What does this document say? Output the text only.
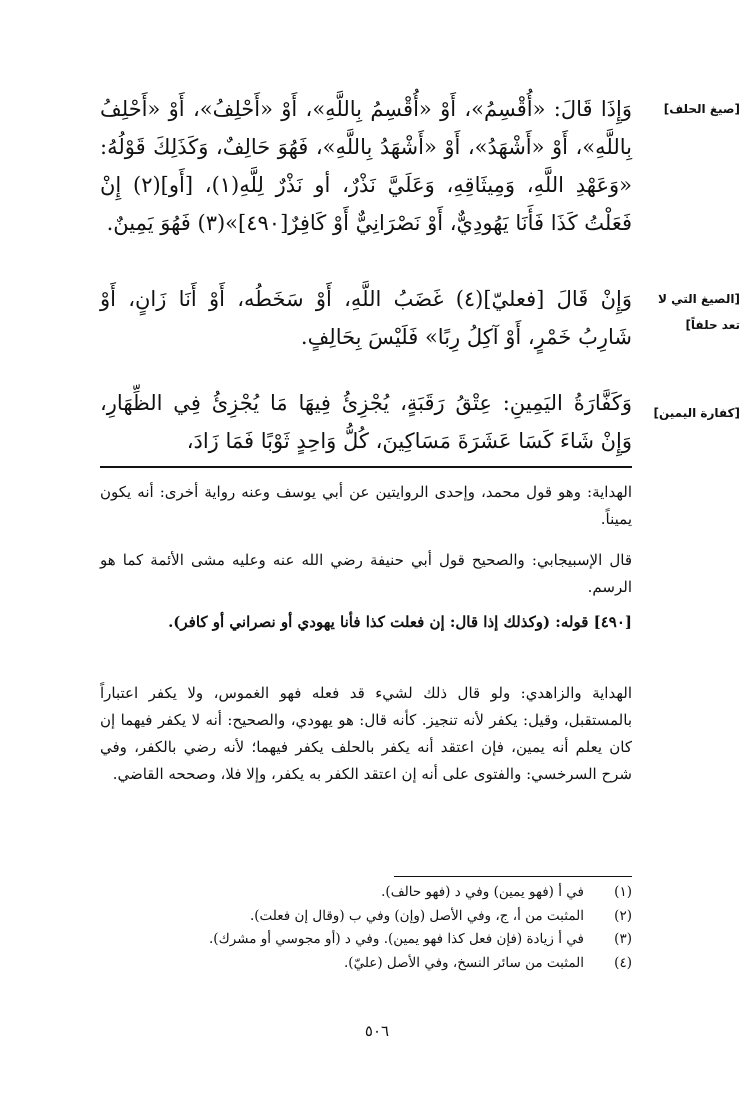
[صيغ الحلف]
[الصيغ التي لا تعد حلفاً]
[كفارة اليمين]
وَإِذَا قَالَ: «أُقْسِمُ»، أَوْ «أُقْسِمُ بِاللَّهِ»، أَوْ «أَحْلِفُ»، أَوْ «أَحْلِفُ بِاللَّهِ»، أَوْ «أَشْهَدُ»، أَوْ «أَشْهَدُ بِاللَّهِ»، فَهُوَ حَالِفٌ، وَكَذَلِكَ قَوْلُهُ: «وَعَهْدِ اللَّهِ، وَمِيثَاقِهِ، وَعَلَيَّ نَذْرٌ، أو نَذْرٌ لِلَّهِ(١)، [أَو](٢) إِنْ فَعَلْتُ كَذَا فَأَنَا يَهُودِيٌّ، أَوْ نَصْرَانِيٌّ أَوْ كَافِرٌ[٤٩٠]»(٣) فَهُوَ يَمِينٌ.
وَإِنْ قَالَ [فعليّ](٤) غَضَبُ اللَّهِ، أَوْ سَخَطُه، أَوْ أَنَا زَانٍ، أَوْ شَارِبُ خَمْرٍ، أَوْ آكِلُ رِبًا» فَلَيْسَ بِحَالِفٍ.
وَكَفَّارَةُ اليَمِينِ: عِتْقُ رَقَبَةٍ، يُجْزِئُ فِيهَا مَا يُجْزِئُ فِي الظِّهَارِ، وَإِنْ شَاءَ كَسَا عَشَرَةَ مَسَاكِينَ، كُلُّ وَاحِدٍ ثَوْبًا فَمَا زَادَ،
الهداية: وهو قول محمد، وإحدى الروايتين عن أبي يوسف وعنه رواية أخرى: أنه يكون يميناً.
قال الإسبيجابي: والصحيح قول أبي حنيفة رضي الله عنه وعليه مشى الأئمة كما هو الرسم.
[٤٩٠] قوله: (وكذلك إذا قال: إن فعلت كذا فأنا يهودي أو نصراني أو كافر).
الهداية والزاهدي: ولو قال ذلك لشيء قد فعله فهو الغموس، ولا يكفر اعتباراً بالمستقبل، وقيل: يكفر لأنه تنجيز. كأنه قال: هو يهودي، والصحيح: أنه لا يكفر فيهما إن كان يعلم أنه يمين، فإن اعتقد أنه يكفر بالحلف يكفر فيهما؛ لأنه رضي بالكفر، وفي شرح السرخسي: والفتوى على أنه إن اعتقد الكفر به يكفر، وإلا فلا، وصححه القاضي.
(١)في أ (فهو يمين) وفي د (فهو حالف).
(٢)المثبت من أ، ج، وفي الأصل (وإن) وفي ب (وقال إن فعلت).
(٣)في أ زيادة (فإن فعل كذا فهو يمين). وفي د (أو مجوسي أو مشرك).
(٤)المثبت من سائر النسخ، وفي الأصل (عليّ).
٥٠٦
